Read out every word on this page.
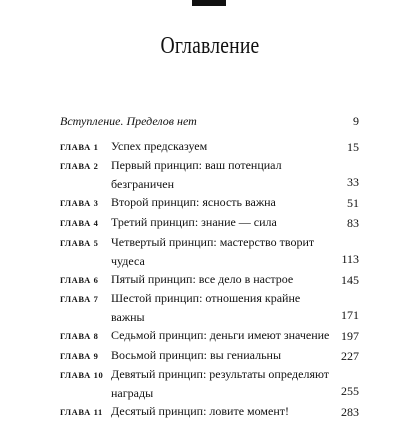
Оглавление
Вступление. Пределов нет	9
ГЛАВА 1 Успех предсказуем	15
ГЛАВА 2 Первый принцип: ваш потенциал безграничен	33
ГЛАВА 3 Второй принцип: ясность важна	51
ГЛАВА 4 Третий принцип: знание — сила	83
ГЛАВА 5 Четвертый принцип: мастерство творит чудеса	113
ГЛАВА 6 Пятый принцип: все дело в настрое	145
ГЛАВА 7 Шестой принцип: отношения крайне важны	171
ГЛАВА 8 Седьмой принцип: деньги имеют значение 197
ГЛАВА 9 Восьмой принцип: вы гениальны	227
ГЛАВА 10 Девятый принцип: результаты определяют награды	255
ГЛАВА 11 Десятый принцип: ловите момент!	283
